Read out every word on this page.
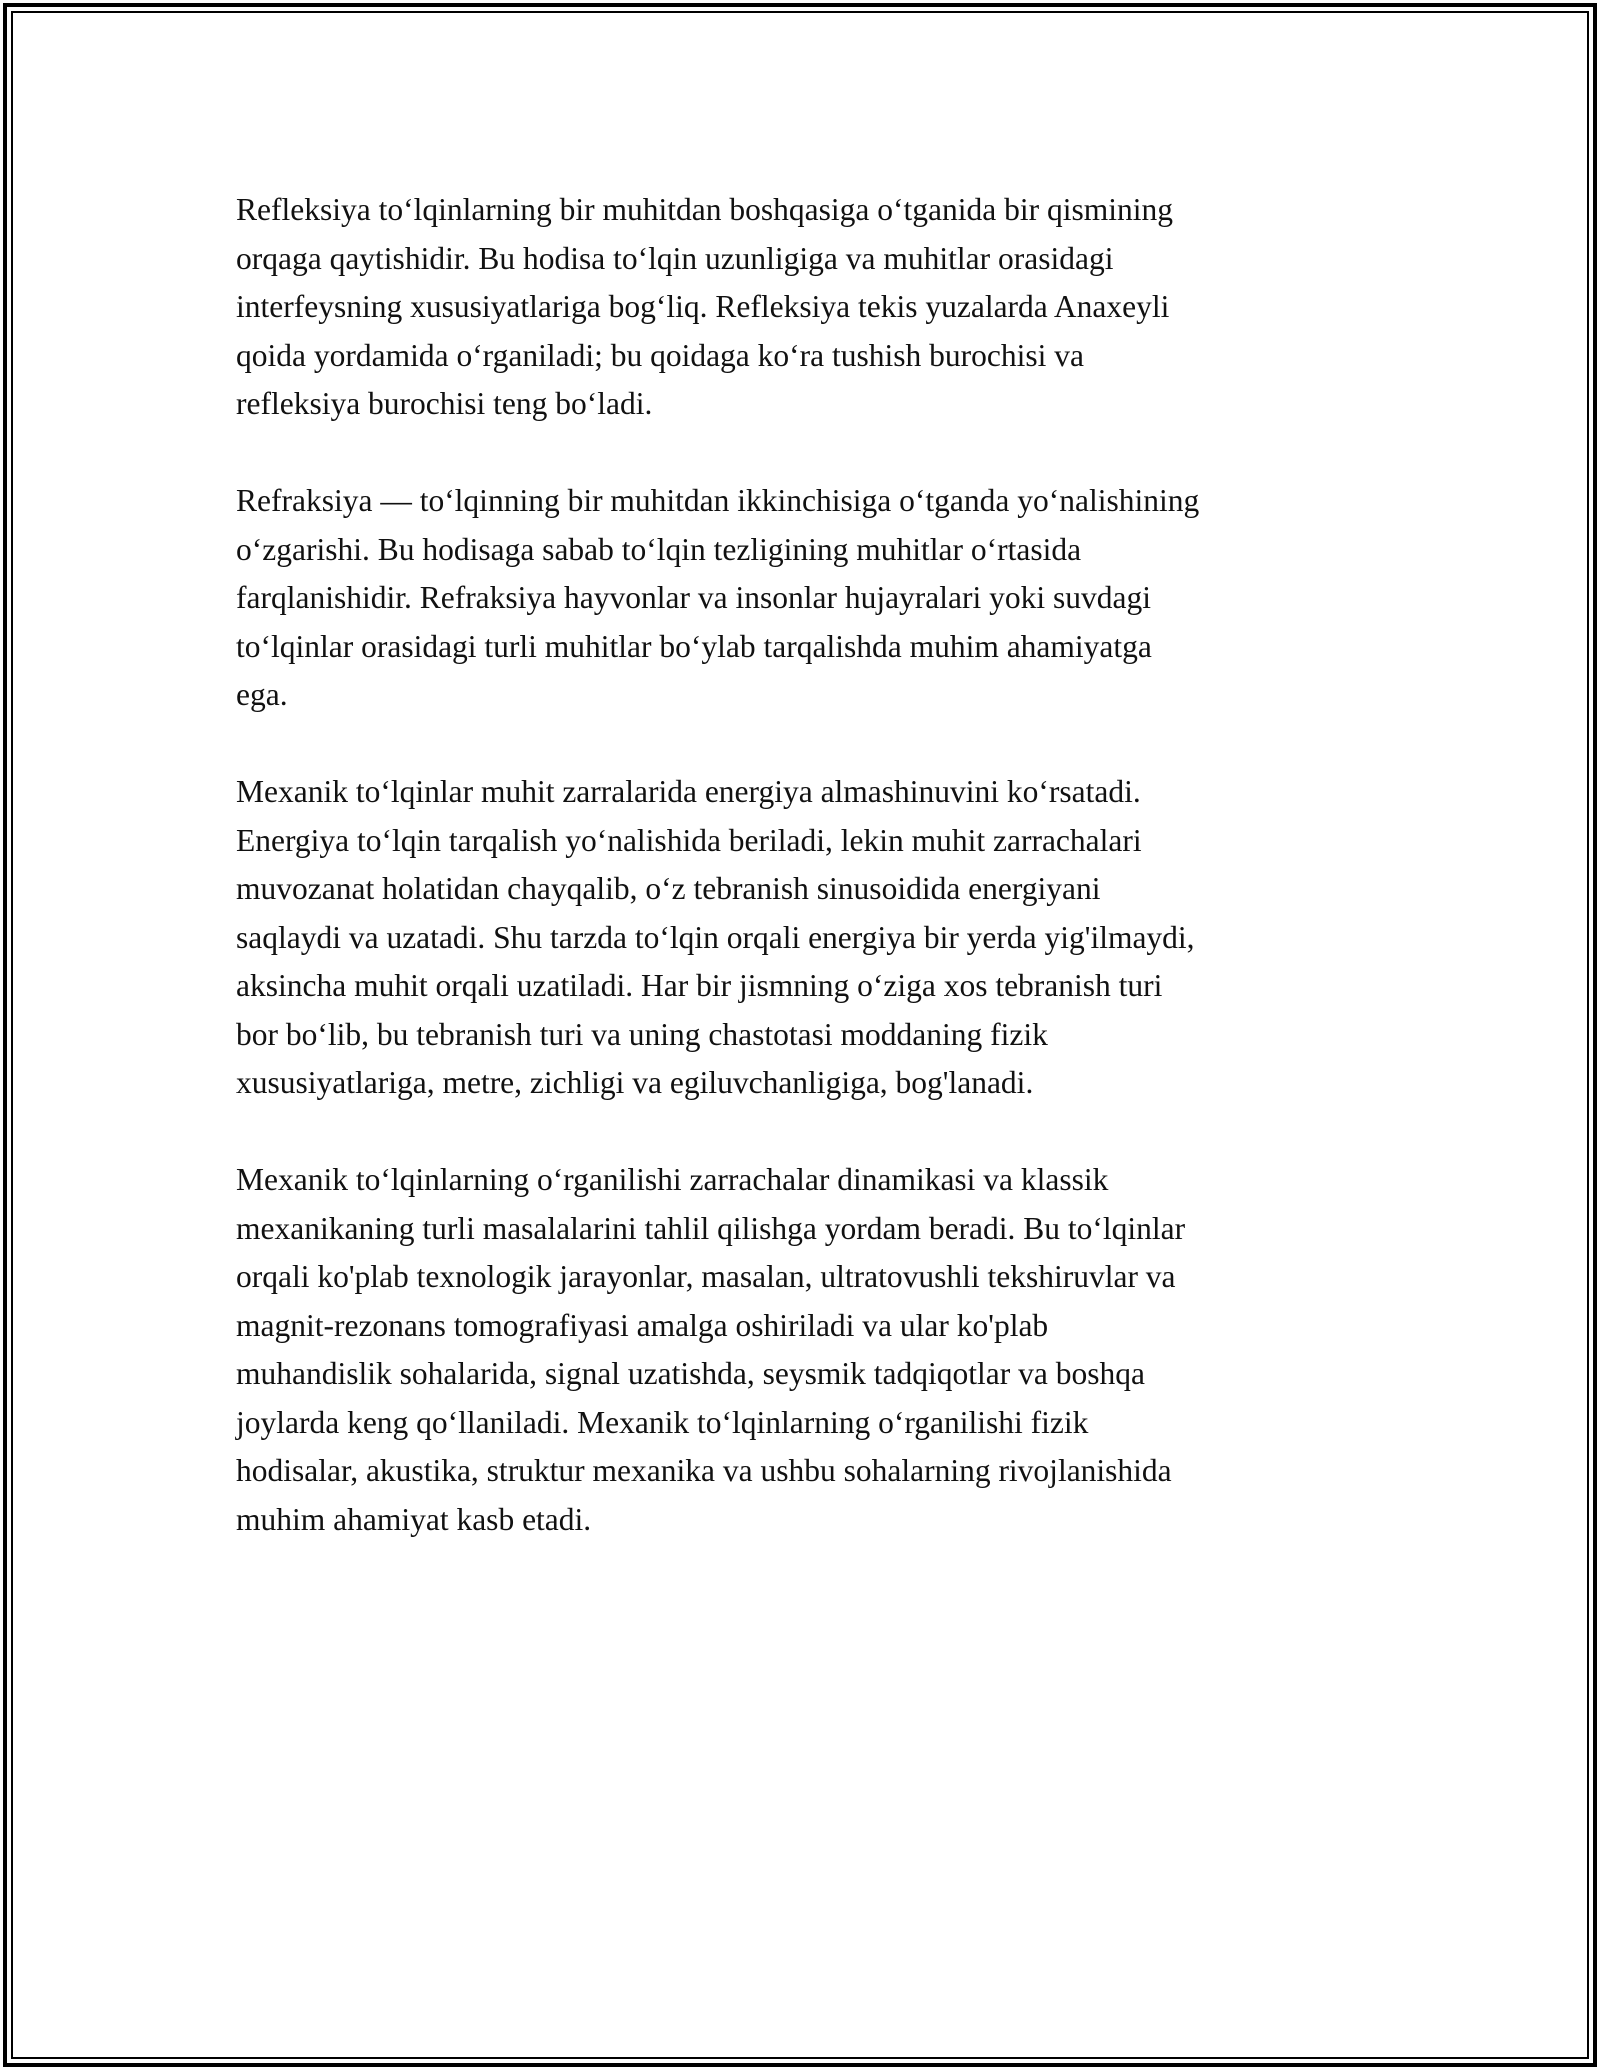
Refleksiya to‘lqinlarning bir muhitdan boshqasiga o‘tganida bir qismining
orqaga qaytishidir. Bu hodisa to‘lqin uzunligiga va muhitlar orasidagi
interfeysning xususiyatlariga bog‘liq. Refleksiya tekis yuzalarda Anaxeyli
qoida yordamida o‘rganiladi; bu qoidaga ko‘ra tushish burochisi va
refleksiya burochisi teng bo‘ladi.

Refraksiya — to‘lqinning bir muhitdan ikkinchisiga o‘tganda yo‘nalishining
o‘zgarishi. Bu hodisaga sabab to‘lqin tezligining muhitlar o‘rtasida
farqlanishidir. Refraksiya hayvonlar va insonlar hujayralari yoki suvdagi
to‘lqinlar orasidagi turli muhitlar bo‘ylab tarqalishda muhim ahamiyatga
ega.

Mexanik to‘lqinlar muhit zarralarida energiya almashinuvini ko‘rsatadi.
Energiya to‘lqin tarqalish yo‘nalishida beriladi, lekin muhit zarrachalari
muvozanat holatidan chayqalib, o‘z tebranish sinusoidida energiyani
saqlaydi va uzatadi. Shu tarzda to‘lqin orqali energiya bir yerda yig'ilmaydi,
aksincha muhit orqali uzatiladi. Har bir jismning o‘ziga xos tebranish turi
bor bo‘lib, bu tebranish turi va uning chastotasi moddaning fizik
xususiyatlariga, metre, zichligi va egiluvchanligiga, bog'lanadi.

Mexanik to‘lqinlarning o‘rganilishi zarrachalar dinamikasi va klassik
mexanikaning turli masalalarini tahlil qilishga yordam beradi. Bu to‘lqinlar
orqali ko'plab texnologik jarayonlar, masalan, ultratovushli tekshiruvlar va
magnit-rezonans tomografiyasi amalga oshiriladi va ular ko'plab
muhandislik sohalarida, signal uzatishda, seysmik tadqiqotlar va boshqa
joylarda keng qo‘llaniladi. Mexanik to‘lqinlarning o‘rganilishi fizik
hodisalar, akustika, struktur mexanika va ushbu sohalarning rivojlanishida
muhim ahamiyat kasb etadi.
